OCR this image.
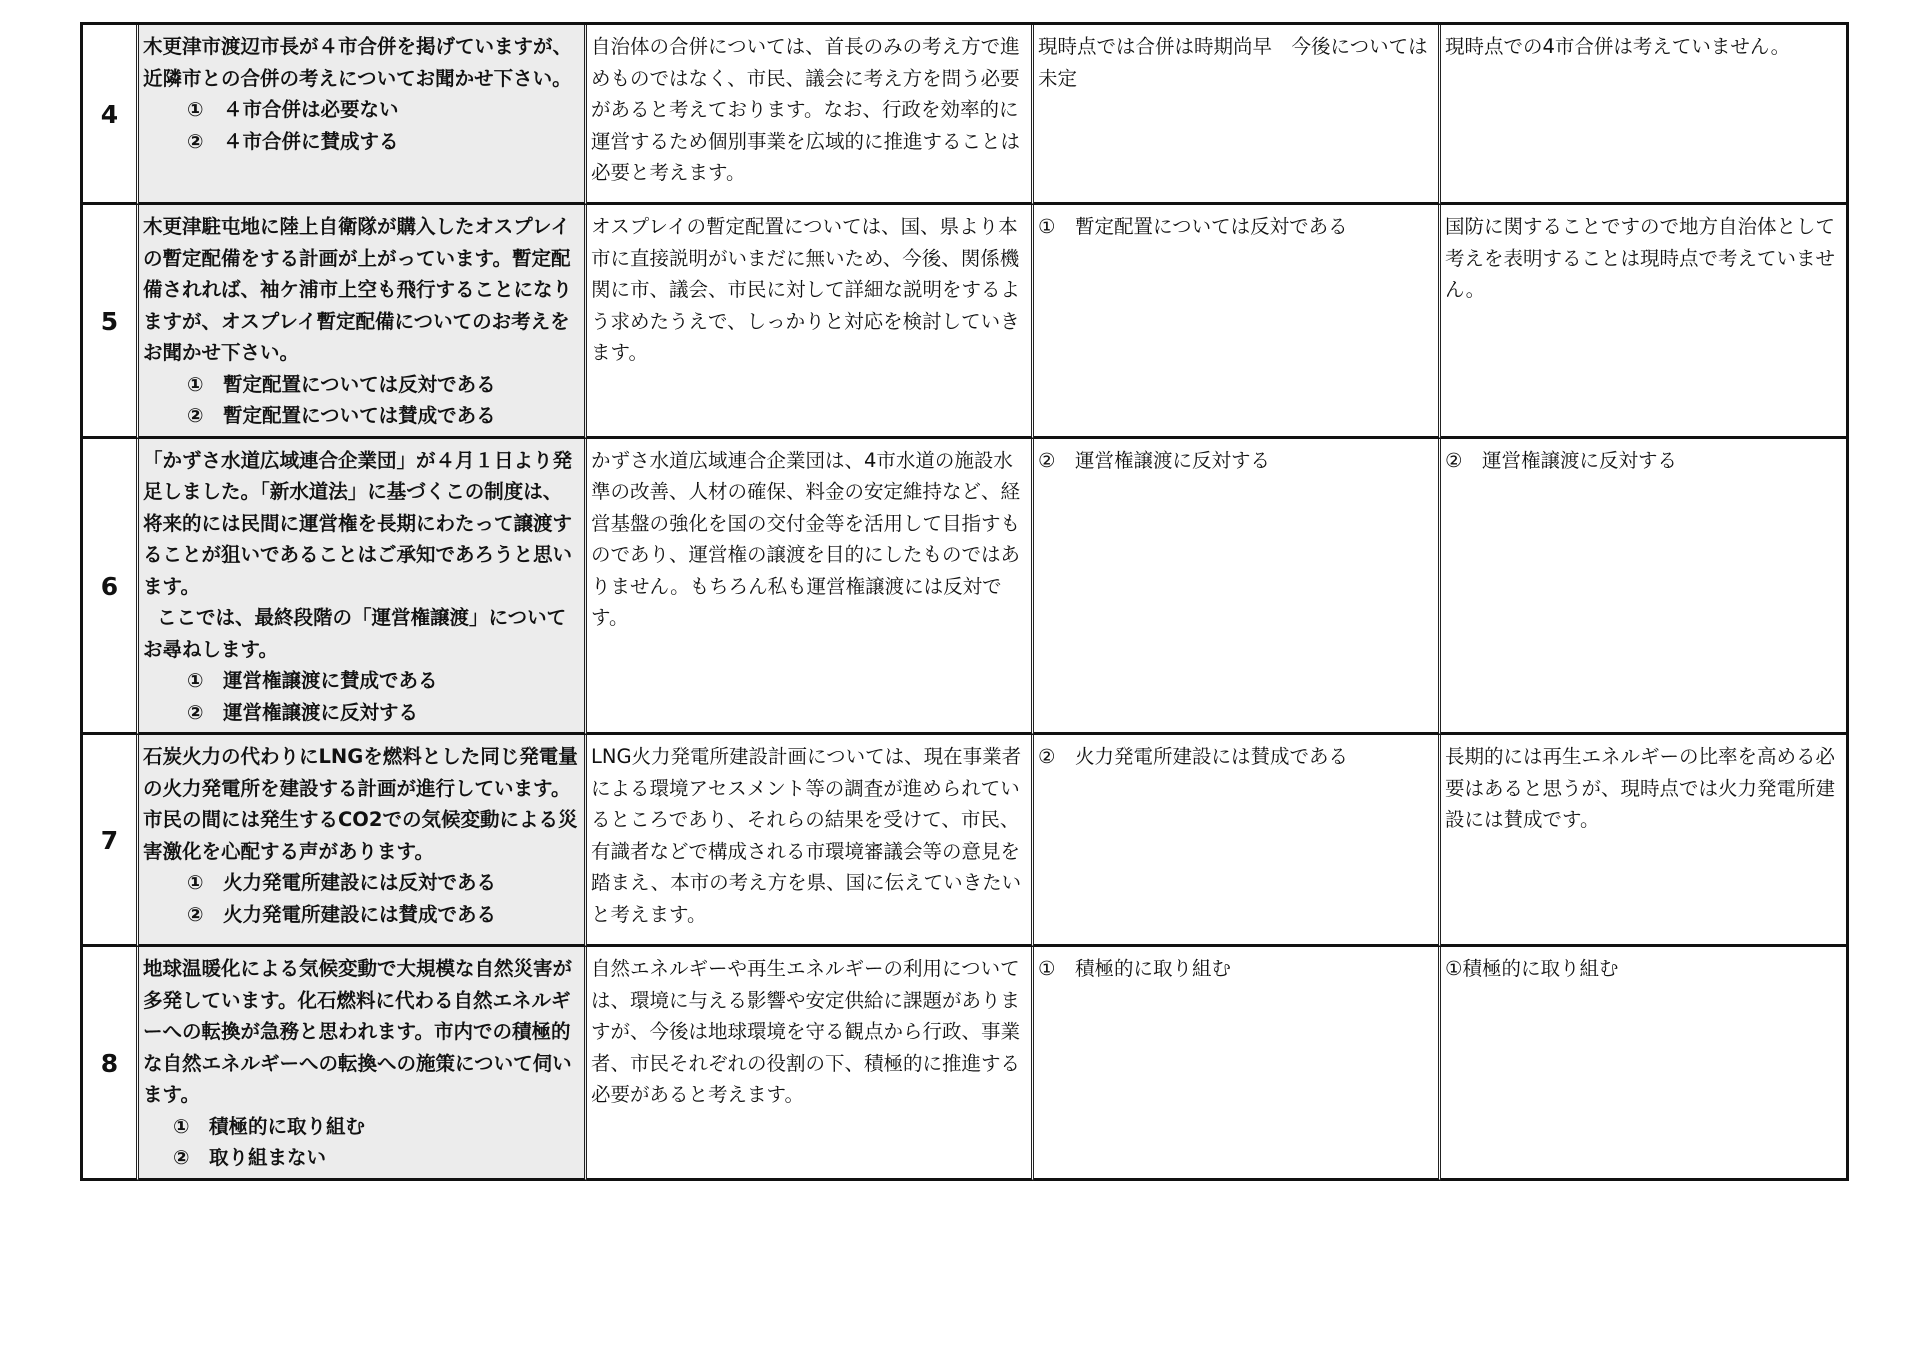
4	木更津市渡辺市長が４市合併を掲げていますが、近隣市との合併の考えについてお聞かせ下さい。
①　４市合併は必要ない
②　４市合併に賛成する	自治体の合併については、首長のみの考え方で進めものではなく、市民、議会に考え方を問う必要があると考えております。なお、行政を効率的に運営するため個別事業を広域的に推進することは必要と考えます。	現時点では合併は時期尚早　今後については未定	現時点での4市合併は考えていません。
5	木更津駐屯地に陸上自衛隊が購入したオスプレイの暫定配備をする計画が上がっています。暫定配備されれば、袖ケ浦市上空も飛行することになりますが、オスプレイ暫定配備についてのお考えをお聞かせ下さい。
①　暫定配置については反対である
②　暫定配置については賛成である	オスプレイの暫定配置については、国、県より本市に直接説明がいまだに無いため、今後、関係機関に市、議会、市民に対して詳細な説明をするよう求めたうえで、しっかりと対応を検討していきます。	①　暫定配置については反対である	国防に関することですので地方自治体として考えを表明することは現時点で考えていません。
6	「かずさ水道広域連合企業団」が４月１日より発足しました。「新水道法」に基づくこの制度は、将来的には民間に運営権を長期にわたって譲渡することが狙いであることはご承知であろうと思います。
ここでは、最終段階の「運営権譲渡」についてお尋ねします。
①　運営権譲渡に賛成である
②　運営権譲渡に反対する	かずさ水道広域連合企業団は、4市水道の施設水準の改善、人材の確保、料金の安定維持など、経営基盤の強化を国の交付金等を活用して目指すものであり、運営権の譲渡を目的にしたものではありません。もちろん私も運営権譲渡には反対です。	②　運営権譲渡に反対する	②　運営権譲渡に反対する
7	石炭火力の代わりにLNGを燃料とした同じ発電量の火力発電所を建設する計画が進行しています。市民の間には発生するCO2での気候変動による災害激化を心配する声があります。
①　火力発電所建設には反対である
②　火力発電所建設には賛成である	LNG火力発電所建設計画については、現在事業者による環境アセスメント等の調査が進められているところであり、それらの結果を受けて、市民、有識者などで構成される市環境審議会等の意見を踏まえ、本市の考え方を県、国に伝えていきたいと考えます。	②　火力発電所建設には賛成である	長期的には再生エネルギーの比率を高める必要はあると思うが、現時点では火力発電所建設には賛成です。
8	地球温暖化による気候変動で大規模な自然災害が多発しています。化石燃料に代わる自然エネルギーへの転換が急務と思われます。市内での積極的な自然エネルギーへの転換への施策について伺います。
①　積極的に取り組む
②　取り組まない	自然エネルギーや再生エネルギーの利用については、環境に与える影響や安定供給に課題がありますが、今後は地球環境を守る観点から行政、事業者、市民それぞれの役割の下、積極的に推進する必要があると考えます。	①　積極的に取り組む	①積極的に取り組む
